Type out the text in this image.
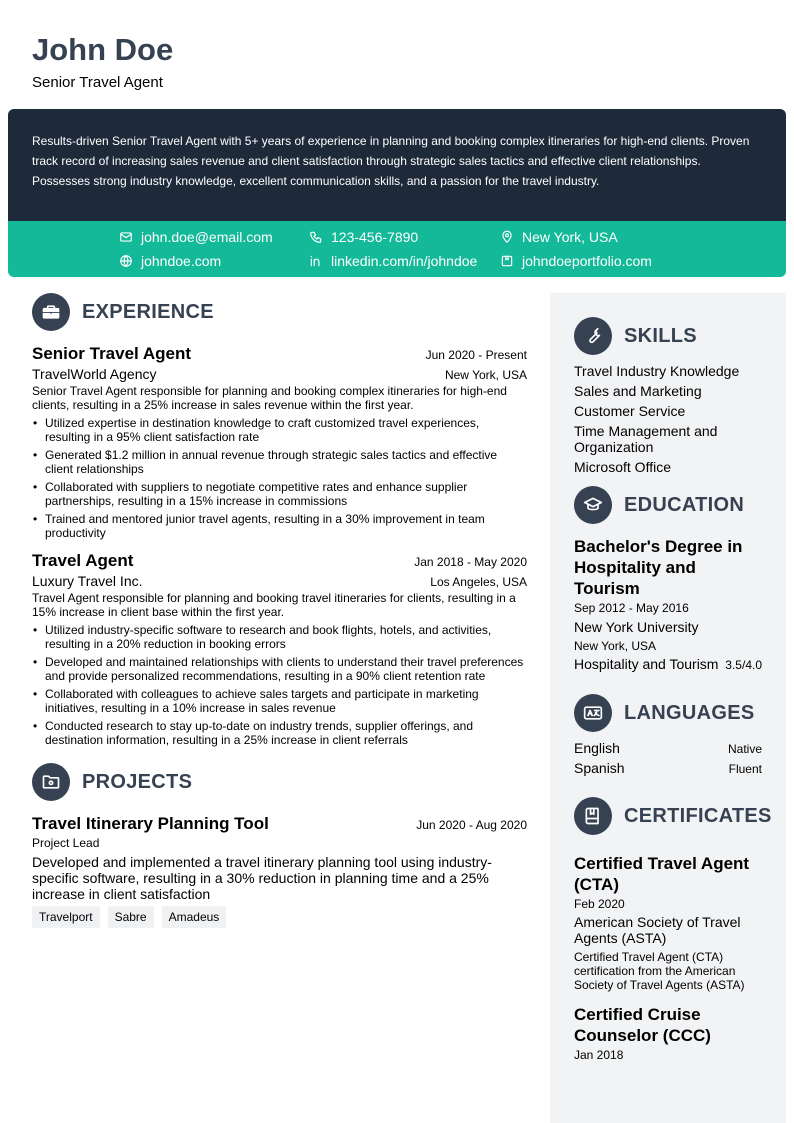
John Doe
Senior Travel Agent
Results-driven Senior Travel Agent with 5+ years of experience in planning and booking complex itineraries for high-end clients. Proven track record of increasing sales revenue and client satisfaction through strategic sales tactics and effective client relationships. Possesses strong industry knowledge, excellent communication skills, and a passion for the travel industry.
john.doe@email.com	123-456-7890	New York, USA
johndoe.com	linkedin.com/in/johndoe	johndoeportfolio.com
EXPERIENCE
Senior Travel Agent	Jun 2020 - Present
TravelWorld Agency	New York, USA
Senior Travel Agent responsible for planning and booking complex itineraries for high-end clients, resulting in a 25% increase in sales revenue within the first year.
• Utilized expertise in destination knowledge to craft customized travel experiences, resulting in a 95% client satisfaction rate
• Generated $1.2 million in annual revenue through strategic sales tactics and effective client relationships
• Collaborated with suppliers to negotiate competitive rates and enhance supplier partnerships, resulting in a 15% increase in commissions
• Trained and mentored junior travel agents, resulting in a 30% improvement in team productivity
Travel Agent	Jan 2018 - May 2020
Luxury Travel Inc.	Los Angeles, USA
Travel Agent responsible for planning and booking travel itineraries for clients, resulting in a 15% increase in client base within the first year.
• Utilized industry-specific software to research and book flights, hotels, and activities, resulting in a 20% reduction in booking errors
• Developed and maintained relationships with clients to understand their travel preferences and provide personalized recommendations, resulting in a 90% client retention rate
• Collaborated with colleagues to achieve sales targets and participate in marketing initiatives, resulting in a 10% increase in sales revenue
• Conducted research to stay up-to-date on industry trends, supplier offerings, and destination information, resulting in a 25% increase in client referrals
PROJECTS
Travel Itinerary Planning Tool	Jun 2020 - Aug 2020
Project Lead
Developed and implemented a travel itinerary planning tool using industry-specific software, resulting in a 30% reduction in planning time and a 25% increase in client satisfaction
Travelport	Sabre	Amadeus
SKILLS
Travel Industry Knowledge
Sales and Marketing
Customer Service
Time Management and Organization
Microsoft Office
EDUCATION
Bachelor's Degree in Hospitality and Tourism
Sep 2012 - May 2016
New York University
New York, USA
Hospitality and Tourism 3.5/4.0
LANGUAGES
English	Native
Spanish	Fluent
CERTIFICATES
Certified Travel Agent (CTA)
Feb 2020
American Society of Travel Agents (ASTA)
Certified Travel Agent (CTA) certification from the American Society of Travel Agents (ASTA)
Certified Cruise Counselor (CCC)
Jan 2018
